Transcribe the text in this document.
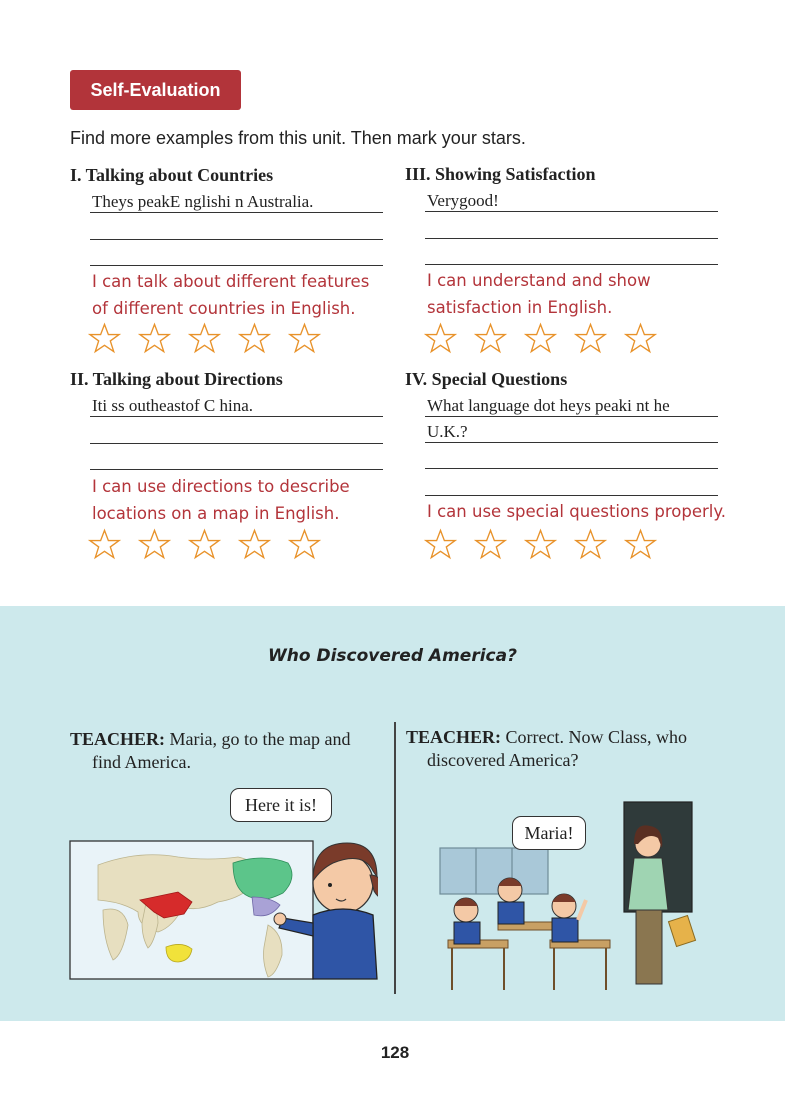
Self-Evaluation
Find more examples from this unit. Then mark your stars.
I. Talking about Countries
Theys peakE nglishi n Australia.
I can talk about different features
of different countries in English.
II. Talking about Directions
Iti ss outheastof C hina.
I can use directions to describe
locations on a map in English.
III. Showing Satisfaction
Verygood!
I can understand and show
satisfaction in English.
IV. Special Questions
What language dot heys peaki nt he
U.K.?
I can use special questions properly.
Who Discovered America?
TEACHER: Maria, go to the map and
find America.
TEACHER: Correct. Now Class, who
discovered America?
Here it is!
Maria!
128
